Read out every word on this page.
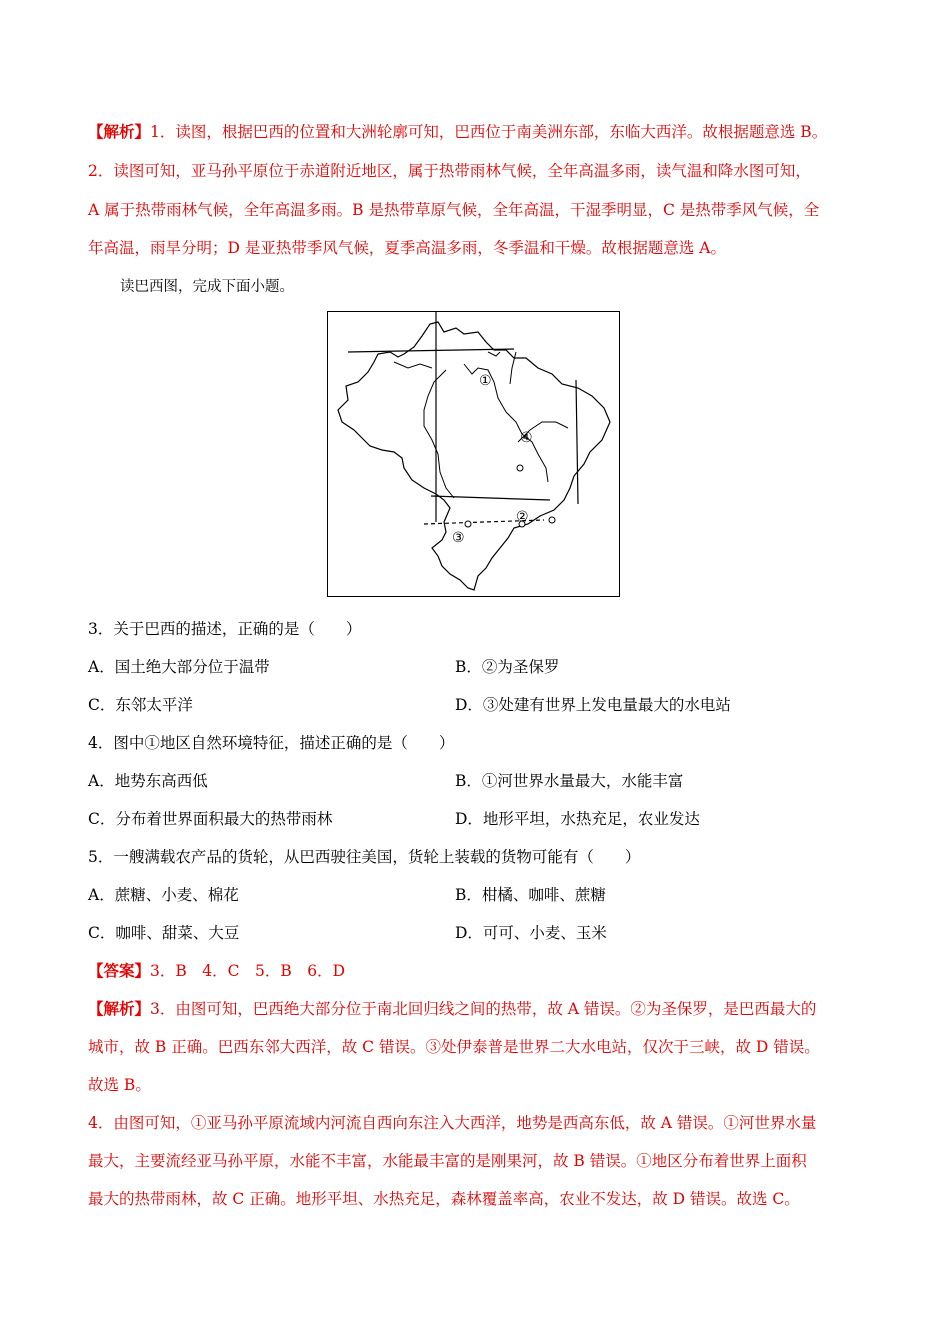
【解析】1．读图，根据巴西的位置和大洲轮廓可知，巴西位于南美洲东部，东临大西洋。故根据题意选 B。
2．读图可知，亚马孙平原位于赤道附近地区，属于热带雨林气候，全年高温多雨，读气温和降水图可知，
A 属于热带雨林气候，全年高温多雨。B 是热带草原气候，全年高温，干湿季明显，C 是热带季风气候，全
年高温，雨旱分明；D 是亚热带季风气候，夏季高温多雨，冬季温和干燥。故根据题意选 A。
读巴西图，完成下面小题。
①
②
③
④
3．关于巴西的描述，正确的是（　　）
A．国土绝大部分位于温带	B．②为圣保罗
C．东邻太平洋	D．③处建有世界上发电量最大的水电站
4．图中①地区自然环境特征，描述正确的是（　　）
A．地势东高西低	B．①河世界水量最大，水能丰富
C．分布着世界面积最大的热带雨林	D．地形平坦，水热充足，农业发达
5．一艘满载农产品的货轮，从巴西驶往美国，货轮上装载的货物可能有（　　）
A．蔗糖、小麦、棉花	B．柑橘、咖啡、蔗糖
C．咖啡、甜菜、大豆	D．可可、小麦、玉米
【答案】3．B　4．C　5．B　6．D
【解析】3．由图可知，巴西绝大部分位于南北回归线之间的热带，故 A 错误。②为圣保罗，是巴西最大的
城市，故 B 正确。巴西东邻大西洋，故 C 错误。③处伊泰普是世界二大水电站，仅次于三峡，故 D 错误。
故选 B。
4．由图可知，①亚马孙平原流域内河流自西向东注入大西洋，地势是西高东低，故 A 错误。①河世界水量
最大，主要流经亚马孙平原，水能不丰富，水能最丰富的是刚果河，故 B 错误。①地区分布着世界上面积
最大的热带雨林，故 C 正确。地形平坦、水热充足，森林覆盖率高，农业不发达，故 D 错误。故选 C。
